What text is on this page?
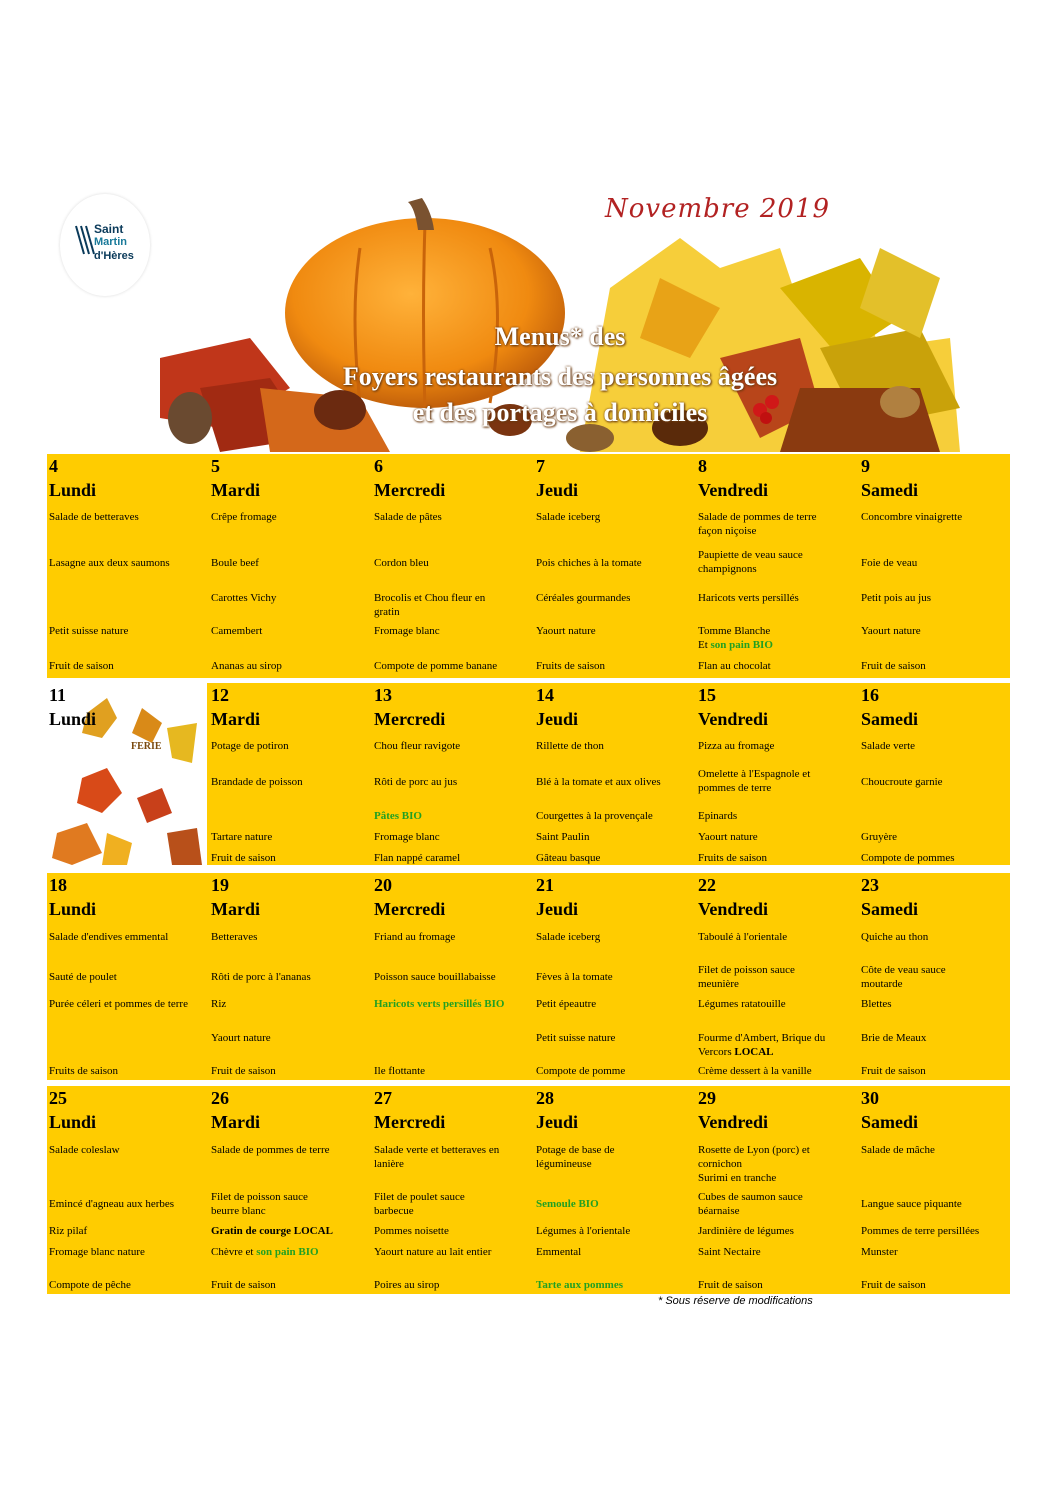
Saint
Martin
d'Hères
Novembre 2019
Menus* des
Foyers restaurants des personnes âgées
et des portages à domiciles
4
Lundi
Salade de betteraves
Lasagne aux deux saumons
Petit suisse nature
Fruit de saison
5
Mardi
Crêpe fromage
Boule beef
Carottes Vichy
Camembert
Ananas au sirop
6
Mercredi
Salade de pâtes
Cordon bleu
Brocolis et Chou fleur en gratin
Fromage blanc
Compote de pomme banane
7
Jeudi
Salade iceberg
Pois chiches à la tomate
Céréales gourmandes
Yaourt nature
Fruits de saison
8
Vendredi
Salade de pommes de terre façon niçoise
Paupiette de veau sauce champignons
Haricots verts persillés
Tomme Blanche
Et son pain BIO
Flan au chocolat
9
Samedi
Concombre vinaigrette
Foie de veau
Petit pois au jus
Yaourt nature
Fruit de saison
11
Lundi
FERIE
12
Mardi
Potage de potiron
Brandade de poisson
Tartare nature
Fruit de saison
13
Mercredi
Chou fleur ravigote
Rôti de porc au jus
Pâtes BIO
Fromage blanc
Flan nappé caramel
14
Jeudi
Rillette de thon
Blé à la tomate et aux olives
Courgettes à la provençale
Saint Paulin
Gâteau basque
15
Vendredi
Pizza au fromage
Omelette à l'Espagnole et pommes de terre
Epinards
Yaourt nature
Fruits de saison
16
Samedi
Salade verte
Choucroute garnie
Gruyère
Compote de pommes
18
Lundi
Salade d'endives emmental
Sauté de poulet
Purée céleri et pommes de terre
Fruits de saison
19
Mardi
Betteraves
Rôti de porc à l'ananas
Riz
Yaourt nature
Fruit de saison
20
Mercredi
Friand au fromage
Poisson sauce bouillabaisse
Haricots verts persillés BIO
Ile flottante
21
Jeudi
Salade iceberg
Fèves à la tomate
Petit épeautre
Petit suisse nature
Compote de pomme
22
Vendredi
Taboulé à l'orientale
Filet de poisson sauce meunière
Légumes ratatouille
Fourme d'Ambert, Brique du Vercors LOCAL
Crème dessert à la vanille
23
Samedi
Quiche au thon
Côte de veau sauce moutarde
Blettes
Brie de Meaux
Fruit de saison
25
Lundi
Salade coleslaw
Emincé d'agneau aux herbes
Riz pilaf
Fromage blanc nature
Compote de pêche
26
Mardi
Salade de pommes de terre
Filet de poisson sauce beurre blanc
Gratin de courge LOCAL
Chèvre et son pain BIO
Fruit de saison
27
Mercredi
Salade verte et betteraves en lanière
Filet de poulet sauce barbecue
Pommes noisette
Yaourt nature au lait entier
Poires au sirop
28
Jeudi
Potage de base de légumineuse
Semoule BIO
Légumes à l'orientale
Emmental
Tarte aux pommes
29
Vendredi
Rosette de Lyon (porc) et cornichon
Surimi en tranche
Cubes de saumon sauce béarnaise
Jardinière de légumes
Saint Nectaire
Fruit de saison
30
Samedi
Salade de mâche
Langue sauce piquante
Pommes de terre persillées
Munster
Fruit de saison
* Sous réserve de modifications
